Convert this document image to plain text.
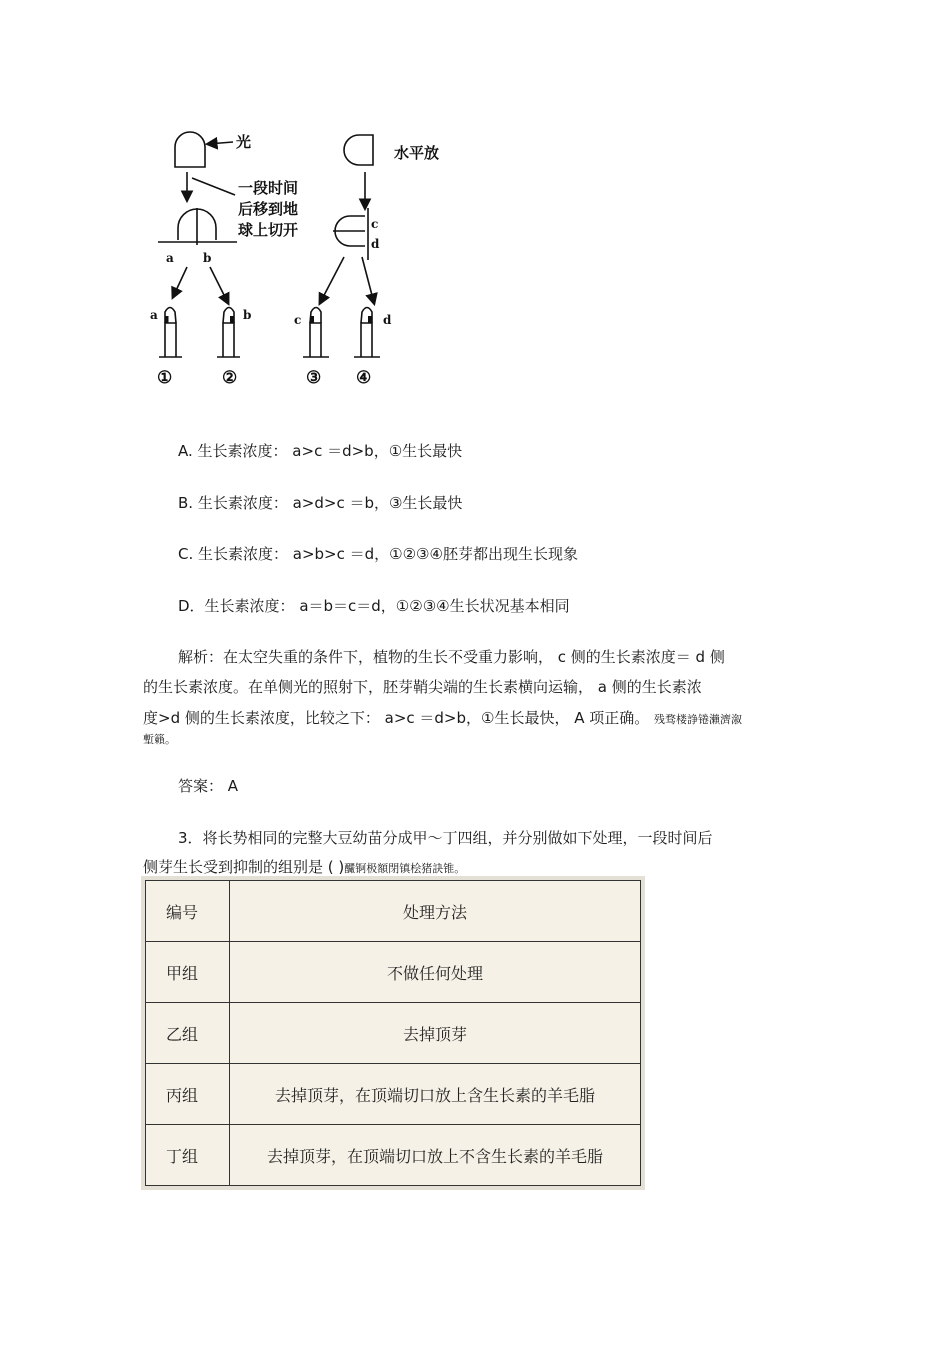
光
水平放
一段时间
后移到地
球上切开
a b
c
d
a	b	c	d
①	②	③ ④
A. 生长素浓度： a>c ＝d>b，①生长最快
B. 生长素浓度： a>d>c ＝b，③生长最快
C. 生长素浓度： a>b>c ＝d，①②③④胚芽都出现生长现象
D．生长素浓度： a＝b＝c＝d，①②③④生长状况基本相同
解析：在太空失重的条件下，植物的生长不受重力影响， c 侧的生长素浓度＝ d 侧
的生长素浓度。在单侧光的照射下，胚芽鞘尖端的生长素横向运输， a 侧的生长素浓
度>d 侧的生长素浓度，比较之下： a>c ＝d>b，①生长最快， A 项正确。 残骛楼諍锩瀨濟溆
塹籟。
答案： A
3．将长势相同的完整大豆幼苗分成甲～丁四组，并分别做如下处理，一段时间后
侧芽生长受到抑制的组别是 ( )釅锕极額閉镇桧猪訣锥。
编号	处理方法
甲组	不做任何处理
乙组	去掉顶芽
丙组	去掉顶芽，在顶端切口放上含生长素的羊毛脂
丁组	去掉顶芽，在顶端切口放上不含生长素的羊毛脂
